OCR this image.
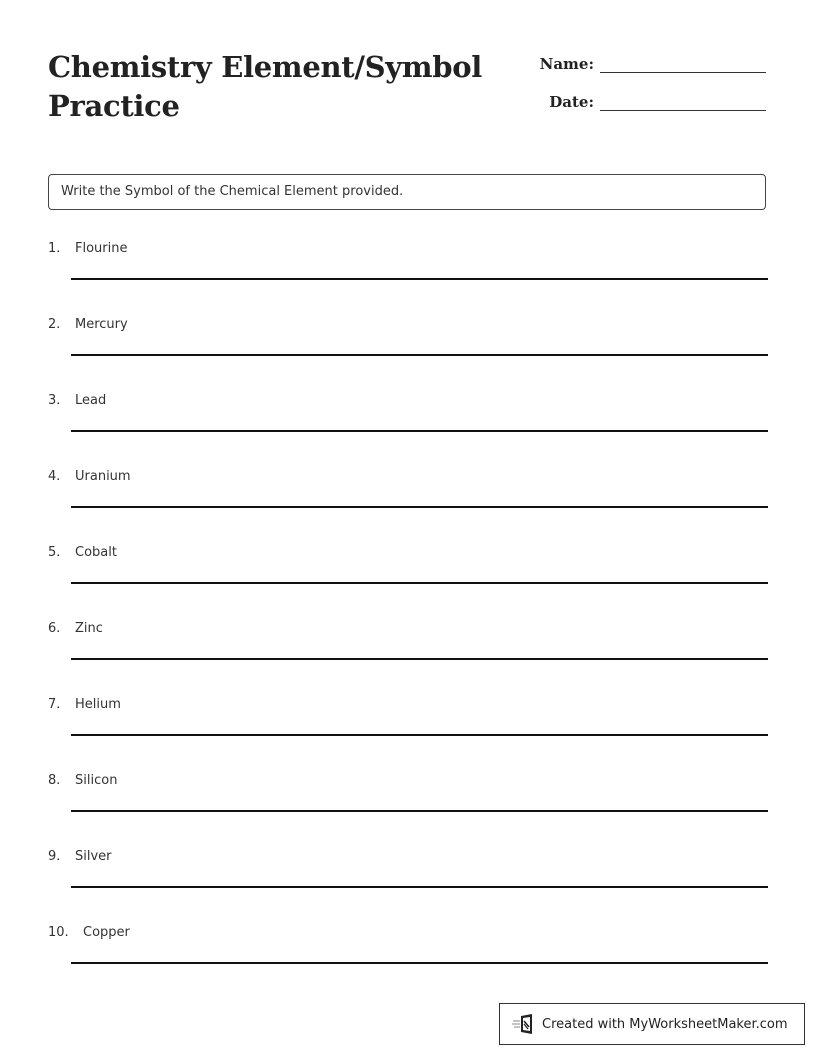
Chemistry Element/Symbol Practice
Name:
Date:
Write the Symbol of the Chemical Element provided.
1. Flourine
2. Mercury
3. Lead
4. Uranium
5. Cobalt
6. Zinc
7. Helium
8. Silicon
9. Silver
10. Copper
Created with MyWorksheetMaker.com
